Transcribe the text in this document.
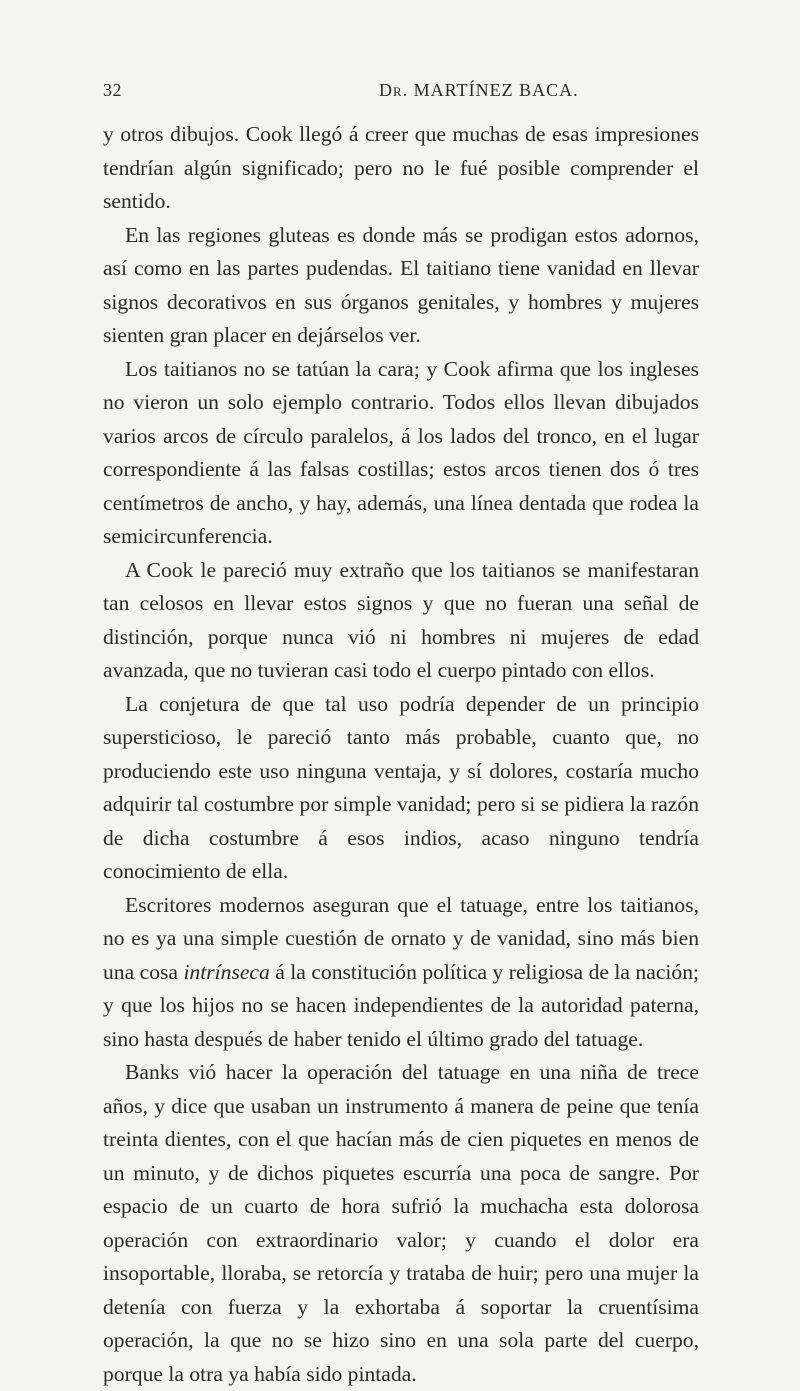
32	Dr. MARTÍNEZ BACA.

y otros dibujos. Cook llegó á creer que muchas de esas impresiones tendrían algún significado; pero no le fué posible comprender el sentido.

En las regiones gluteas es donde más se prodigan estos adornos, así como en las partes pudendas. El taitiano tiene vanidad en llevar signos decorativos en sus órganos genitales, y hombres y mujeres sienten gran placer en dejárselos ver.

Los taitianos no se tatúan la cara; y Cook afirma que los ingleses no vieron un solo ejemplo contrario. Todos ellos llevan dibujados varios arcos de círculo paralelos, á los lados del tronco, en el lugar correspondiente á las falsas costillas; estos arcos tienen dos ó tres centímetros de ancho, y hay, además, una línea dentada que rodea la semicircunferencia.

A Cook le pareció muy extraño que los taitianos se manifestaran tan celosos en llevar estos signos y que no fueran una señal de distinción, porque nunca vió ni hombres ni mujeres de edad avanzada, que no tuvieran casi todo el cuerpo pintado con ellos.

La conjetura de que tal uso podría depender de un principio supersticioso, le pareció tanto más probable, cuanto que, no produciendo este uso ninguna ventaja, y sí dolores, costaría mucho adquirir tal costumbre por simple vanidad; pero si se pidiera la razón de dicha costumbre á esos indios, acaso ninguno tendría conocimiento de ella.

Escritores modernos aseguran que el tatuage, entre los taitianos, no es ya una simple cuestión de ornato y de vanidad, sino más bien una cosa intrínseca á la constitución política y religiosa de la nación; y que los hijos no se hacen independientes de la autoridad paterna, sino hasta después de haber tenido el último grado del tatuage.

Banks vió hacer la operación del tatuage en una niña de trece años, y dice que usaban un instrumento á manera de peine que tenía treinta dientes, con el que hacían más de cien piquetes en menos de un minuto, y de dichos piquetes escurría una poca de sangre. Por espacio de un cuarto de hora sufrió la muchacha esta dolorosa operación con extraordinario valor; y cuando el dolor era insoportable, lloraba, se retorcía y trataba de huir; pero una mujer la detenía con fuerza y la exhortaba á soportar la cruentísima operación, la que no se hizo sino en una sola parte del cuerpo, porque la otra ya había sido pintada.
